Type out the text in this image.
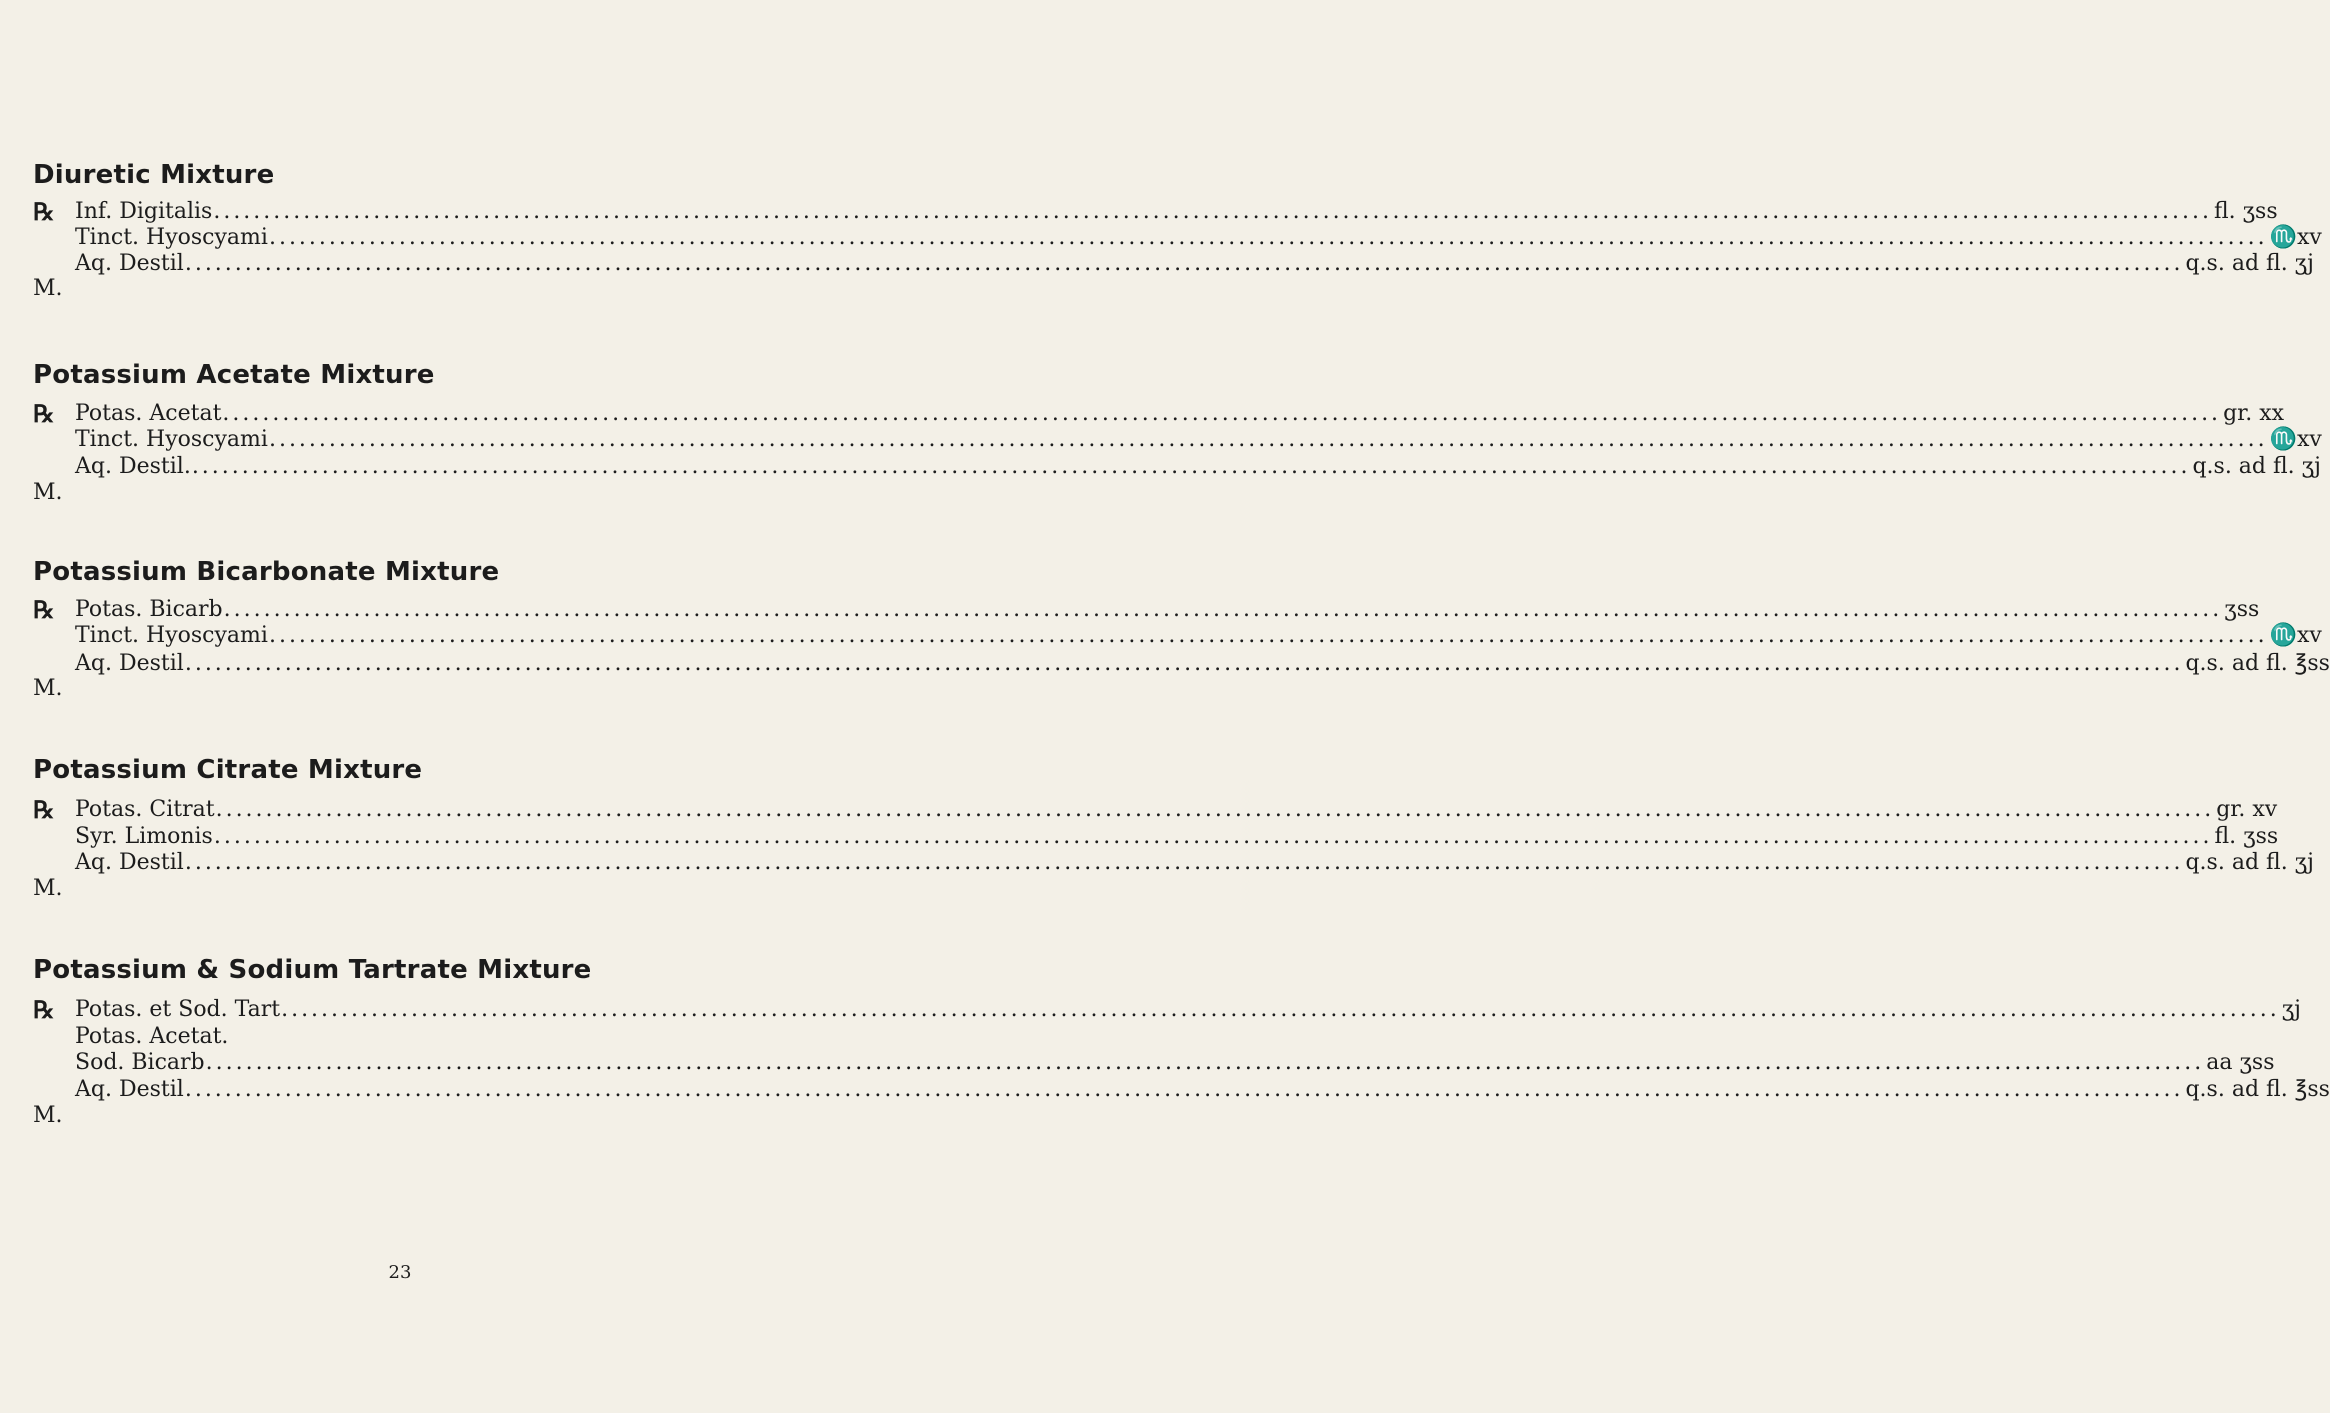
Diuretic Mixture
℞ Inf. Digitalis ........................................................................................................................................................................................................ fl. ʒss
Tinct. Hyoscyami ........................................................................................................................................................................................................ ♏xv
Aq. Destil ........................................................................................................................................................................................................ q.s. ad fl. ʒj
M.
Potassium Acetate Mixture
℞ Potas. Acetat ........................................................................................................................................................................................................ gr. xx
Tinct. Hyoscyami ........................................................................................................................................................................................................ ♏xv
Aq. Destil. ........................................................................................................................................................................................................ q.s. ad fl. ʒj
M.
Potassium Bicarbonate Mixture
℞ Potas. Bicarb ........................................................................................................................................................................................................ ʒss
Tinct. Hyoscyami ........................................................................................................................................................................................................ ♏xv
Aq. Destil ........................................................................................................................................................................................................ q.s. ad fl. ℥ss
M.
Potassium Citrate Mixture
℞ Potas. Citrat ........................................................................................................................................................................................................ gr. xv
Syr. Limonis ........................................................................................................................................................................................................ fl. ʒss
Aq. Destil ........................................................................................................................................................................................................ q.s. ad fl. ʒj
M.
Potassium & Sodium Tartrate Mixture
℞ Potas. et Sod. Tart ........................................................................................................................................................................................................ ʒj
Potas. Acetat.
Sod. Bicarb ........................................................................................................................................................................................................ aa ʒss
Aq. Destil ........................................................................................................................................................................................................ q.s. ad fl. ℥ss
M.
23
